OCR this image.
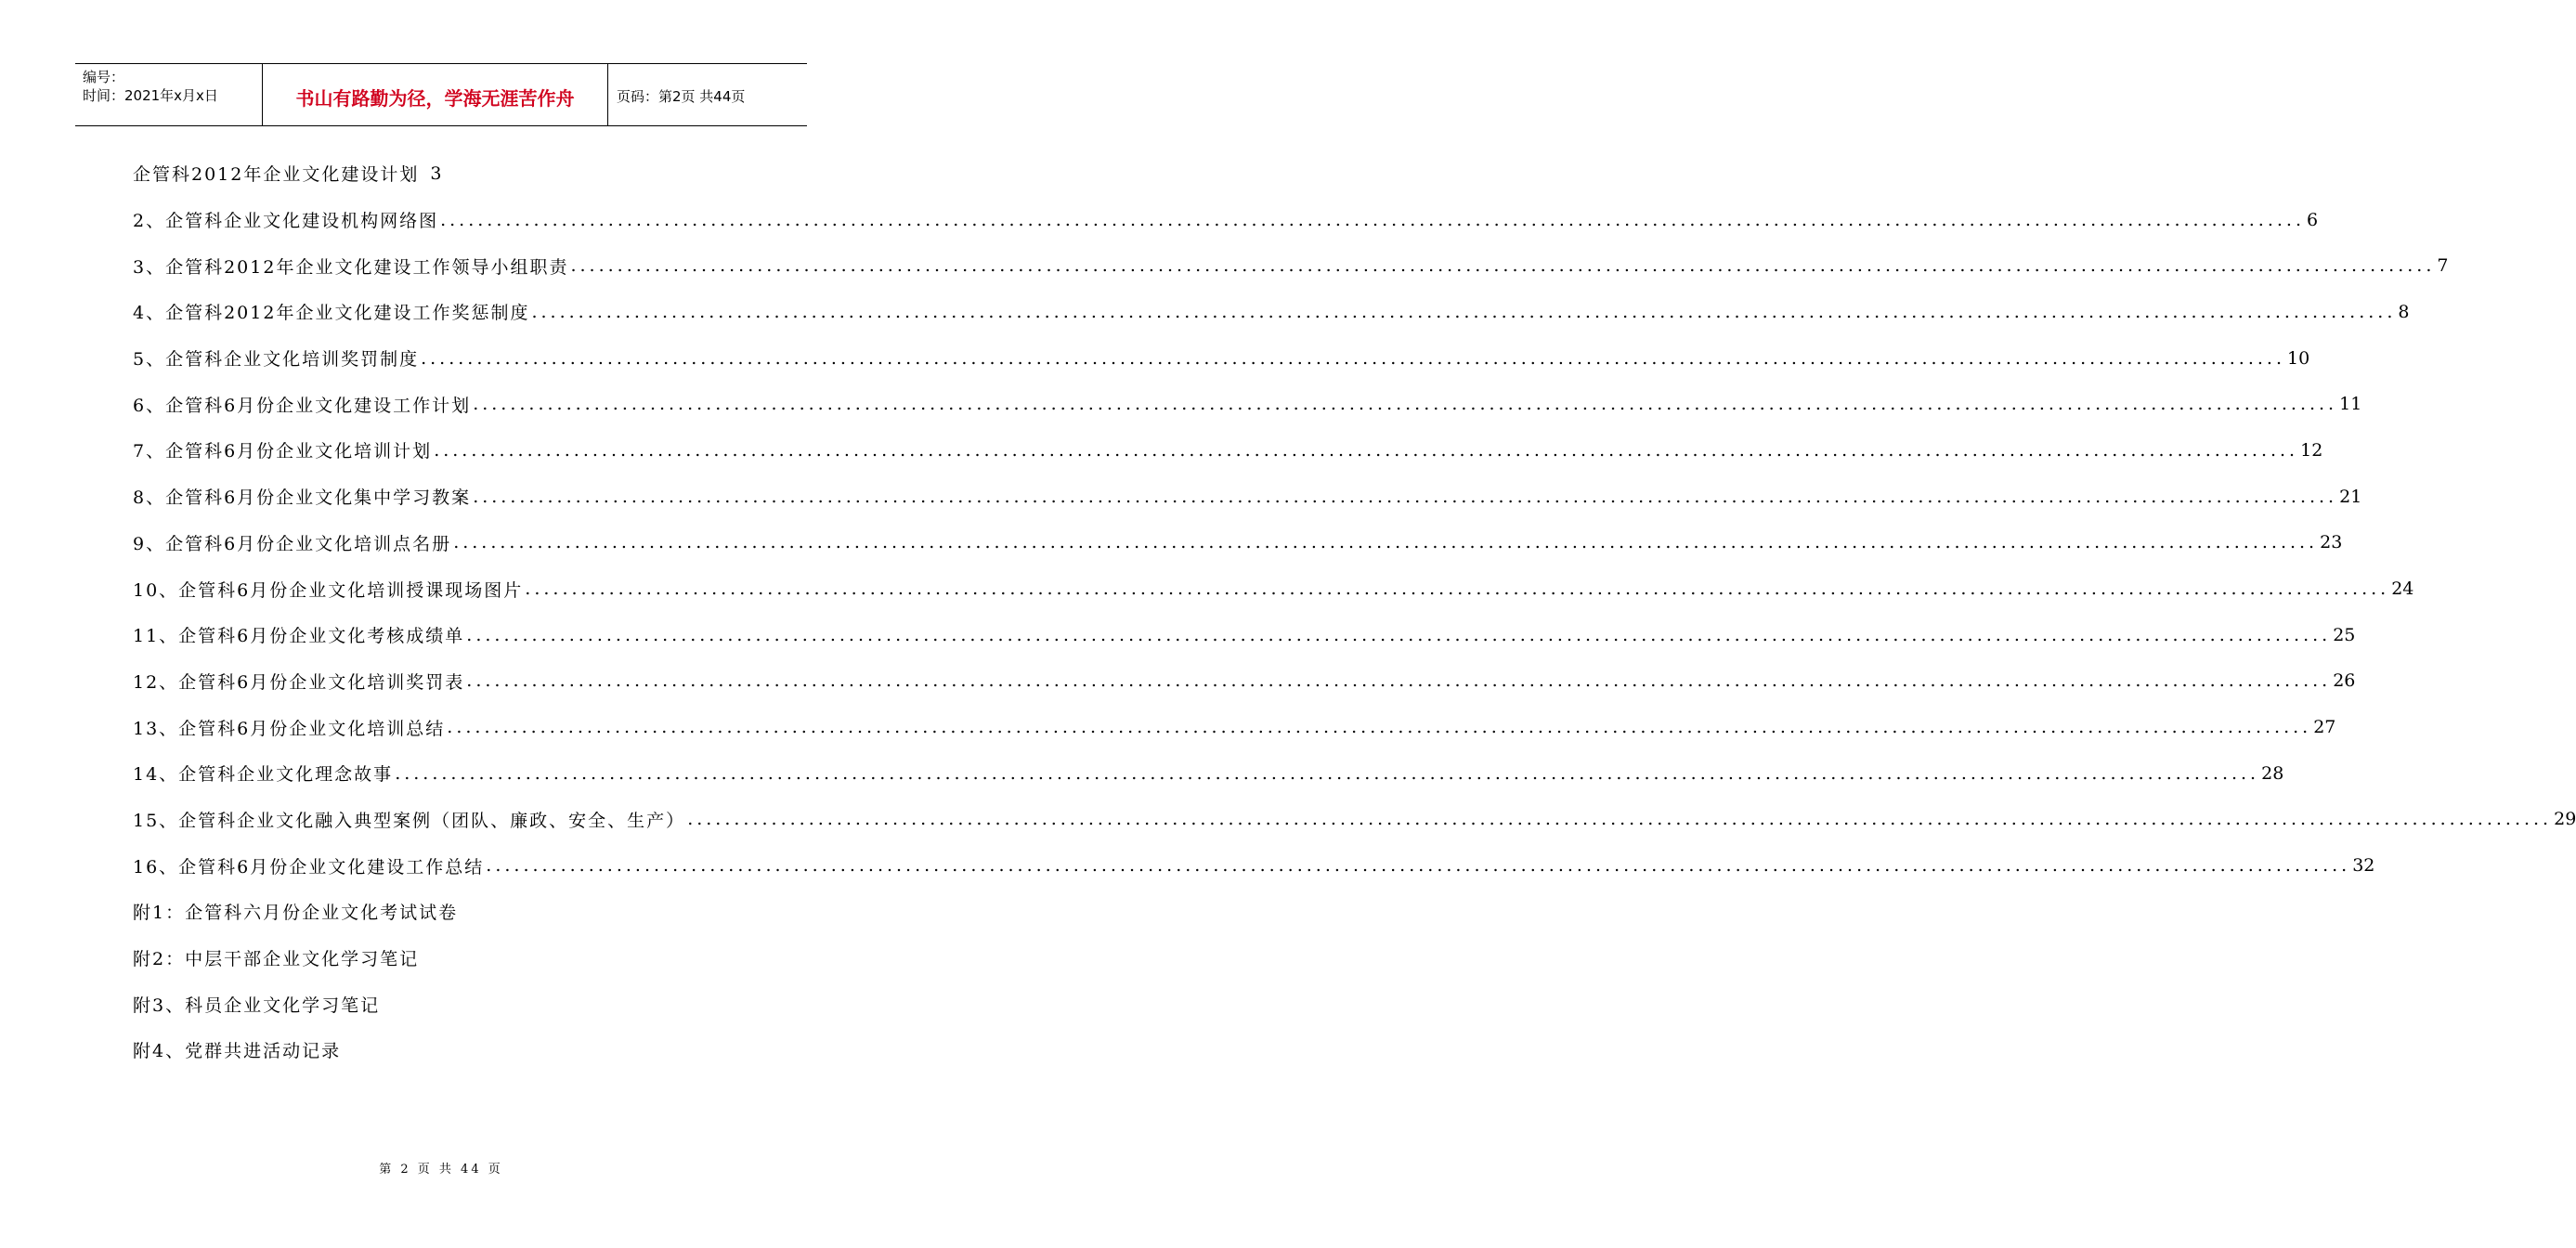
编号：
时间：2021年x月x日	书山有路勤为径，学海无涯苦作舟	页码：第2页 共44页
企管科2012年企业文化建设计划 3
2、企管科企业文化建设机构网络图 ........................................................................................................................................................................................................ 6
3、企管科2012年企业文化建设工作领导小组职责 ........................................................................................................................................................................................................ 7
4、企管科2012年企业文化建设工作奖惩制度 ........................................................................................................................................................................................................ 8
5、企管科企业文化培训奖罚制度 ........................................................................................................................................................................................................ 10
6、企管科6月份企业文化建设工作计划 ........................................................................................................................................................................................................ 11
7、企管科6月份企业文化培训计划 ........................................................................................................................................................................................................ 12
8、企管科6月份企业文化集中学习教案 ........................................................................................................................................................................................................ 21
9、企管科6月份企业文化培训点名册 ........................................................................................................................................................................................................ 23
10、企管科6月份企业文化培训授课现场图片 ........................................................................................................................................................................................................ 24
11、企管科6月份企业文化考核成绩单 ........................................................................................................................................................................................................ 25
12、企管科6月份企业文化培训奖罚表 ........................................................................................................................................................................................................ 26
13、企管科6月份企业文化培训总结 ........................................................................................................................................................................................................ 27
14、企管科企业文化理念故事 ........................................................................................................................................................................................................ 28
15、企管科企业文化融入典型案例（团队、廉政、安全、生产） ........................................................................................................................................................................................................ 29
16、企管科6月份企业文化建设工作总结 ........................................................................................................................................................................................................ 32
附1：企管科六月份企业文化考试试卷
附2：中层干部企业文化学习笔记
附3、科员企业文化学习笔记
附4、党群共进活动记录
第 2 页 共 44 页
